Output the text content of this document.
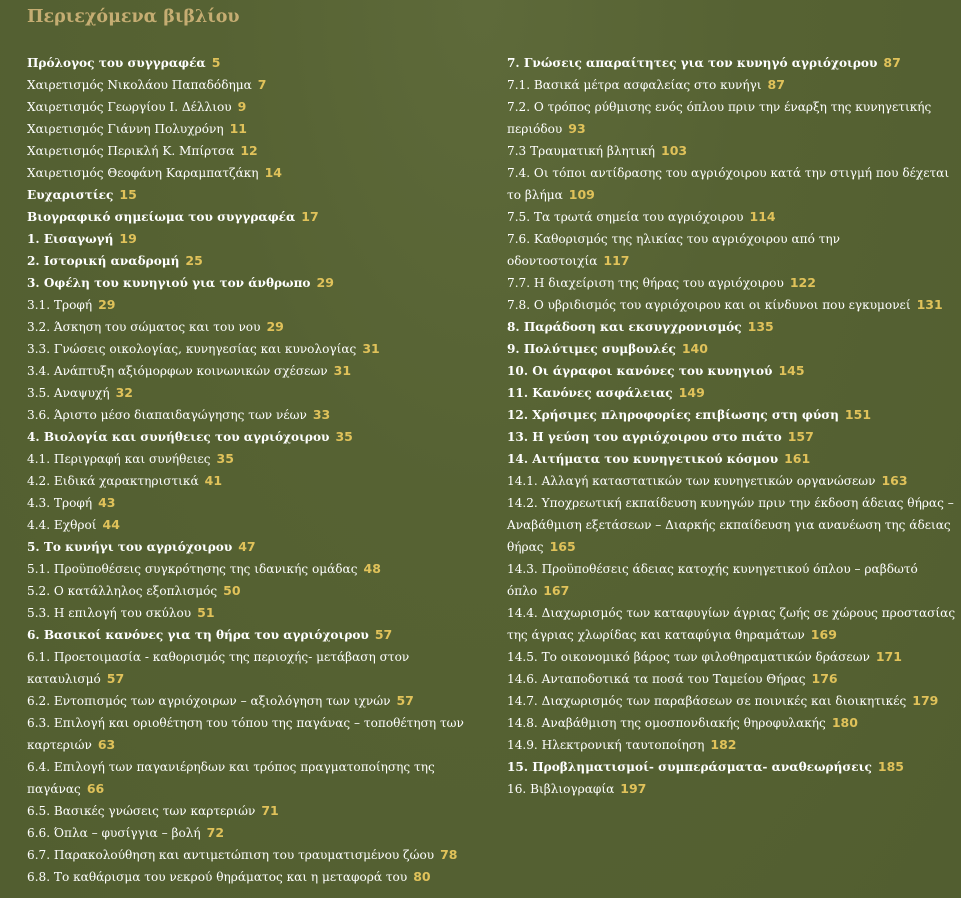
Περιεχόμενα βιβλίου
Πρόλογος του συγγραφέα 5
Χαιρετισμός Νικολάου Παπαδόδημα 7
Χαιρετισμός Γεωργίου Ι. Δέλλιου 9
Χαιρετισμός Γιάννη Πολυχρόνη 11
Χαιρετισμός Περικλή Κ. Μπίρτσα 12
Χαιρετισμός Θεοφάνη Καραμπατζάκη 14
Ευχαριστίες 15
Βιογραφικό σημείωμα του συγγραφέα 17
1. Εισαγωγή 19
2. Ιστορική αναδρομή 25
3. Οφέλη του κυνηγιού για τον άνθρωπο 29
3.1. Τροφή 29
3.2. Άσκηση του σώματος και του νου 29
3.3. Γνώσεις οικολογίας, κυνηγεσίας και κυνολογίας 31
3.4. Ανάπτυξη αξιόμορφων κοινωνικών σχέσεων 31
3.5. Αναψυχή 32
3.6. Άριστο μέσο διαπαιδαγώγησης των νέων 33
4. Βιολογία και συνήθειες του αγριόχοιρου 35
4.1. Περιγραφή και συνήθειες 35
4.2. Ειδικά χαρακτηριστικά 41
4.3. Τροφή 43
4.4. Εχθροί 44
5. Το κυνήγι του αγριόχοιρου 47
5.1. Προϋποθέσεις συγκρότησης της ιδανικής ομάδας 48
5.2. Ο κατάλληλος εξοπλισμός 50
5.3. Η επιλογή του σκύλου 51
6. Βασικοί κανόνες για τη θήρα του αγριόχοιρου 57
6.1. Προετοιμασία - καθορισμός της περιοχής- μετάβαση στον καταυλισμό 57
6.2. Εντοπισμός των αγριόχοιρων – αξιολόγηση των ιχνών 57
6.3. Επιλογή και οριοθέτηση του τόπου της παγάνας – τοποθέτηση των καρτεριών 63
6.4. Επιλογή των παγανιέρηδων και τρόπος πραγματοποίησης της παγάνας 66
6.5. Βασικές γνώσεις των καρτεριών 71
6.6. Όπλα – φυσίγγια – βολή 72
6.7. Παρακολούθηση και αντιμετώπιση του τραυματισμένου ζώου 78
6.8. Το καθάρισμα του νεκρού θηράματος και η μεταφορά του 80
7. Γνώσεις απαραίτητες για τον κυνηγό αγριόχοιρου 87
7.1. Βασικά μέτρα ασφαλείας στο κυνήγι 87
7.2. Ο τρόπος ρύθμισης ενός όπλου πριν την έναρξη της κυνηγετικής περιόδου 93
7.3 Τραυματική βλητική 103
7.4. Οι τόποι αντίδρασης του αγριόχοιρου κατά την στιγμή που δέχεται το βλήμα 109
7.5. Τα τρωτά σημεία του αγριόχοιρου 114
7.6. Καθορισμός της ηλικίας του αγριόχοιρου από την οδοντοστοιχία 117
7.7. Η διαχείριση της θήρας του αγριόχοιρου 122
7.8. Ο υβριδισμός του αγριόχοιρου και οι κίνδυνοι που εγκυμονεί 131
8. Παράδοση και εκσυγχρονισμός 135
9. Πολύτιμες συμβουλές 140
10. Οι άγραφοι κανόνες του κυνηγιού 145
11. Κανόνες ασφάλειας 149
12. Χρήσιμες πληροφορίες επιβίωσης στη φύση 151
13. Η γεύση του αγριόχοιρου στο πιάτο 157
14. Αιτήματα του κυνηγετικού κόσμου 161
14.1. Αλλαγή καταστατικών των κυνηγετικών οργανώσεων 163
14.2. Υποχρεωτική εκπαίδευση κυνηγών πριν την έκδοση άδειας θήρας – Αναβάθμιση εξετάσεων – Διαρκής εκπαίδευση για ανανέωση της άδειας θήρας 165
14.3. Προϋποθέσεις άδειας κατοχής κυνηγετικού όπλου – ραβδωτό όπλο 167
14.4. Διαχωρισμός των καταφυγίων άγριας ζωής σε χώρους προστασίας της άγριας χλωρίδας και καταφύγια θηραμάτων 169
14.5. Το οικονομικό βάρος των φιλοθηραματικών δράσεων 171
14.6. Ανταποδοτικά τα ποσά του Ταμείου Θήρας 176
14.7. Διαχωρισμός των παραβάσεων σε ποινικές και διοικητικές 179
14.8. Αναβάθμιση της ομοσπονδιακής θηροφυλακής 180
14.9. Ηλεκτρονική ταυτοποίηση 182
15. Προβληματισμοί- συμπεράσματα- αναθεωρήσεις 185
16. Βιβλιογραφία 197
